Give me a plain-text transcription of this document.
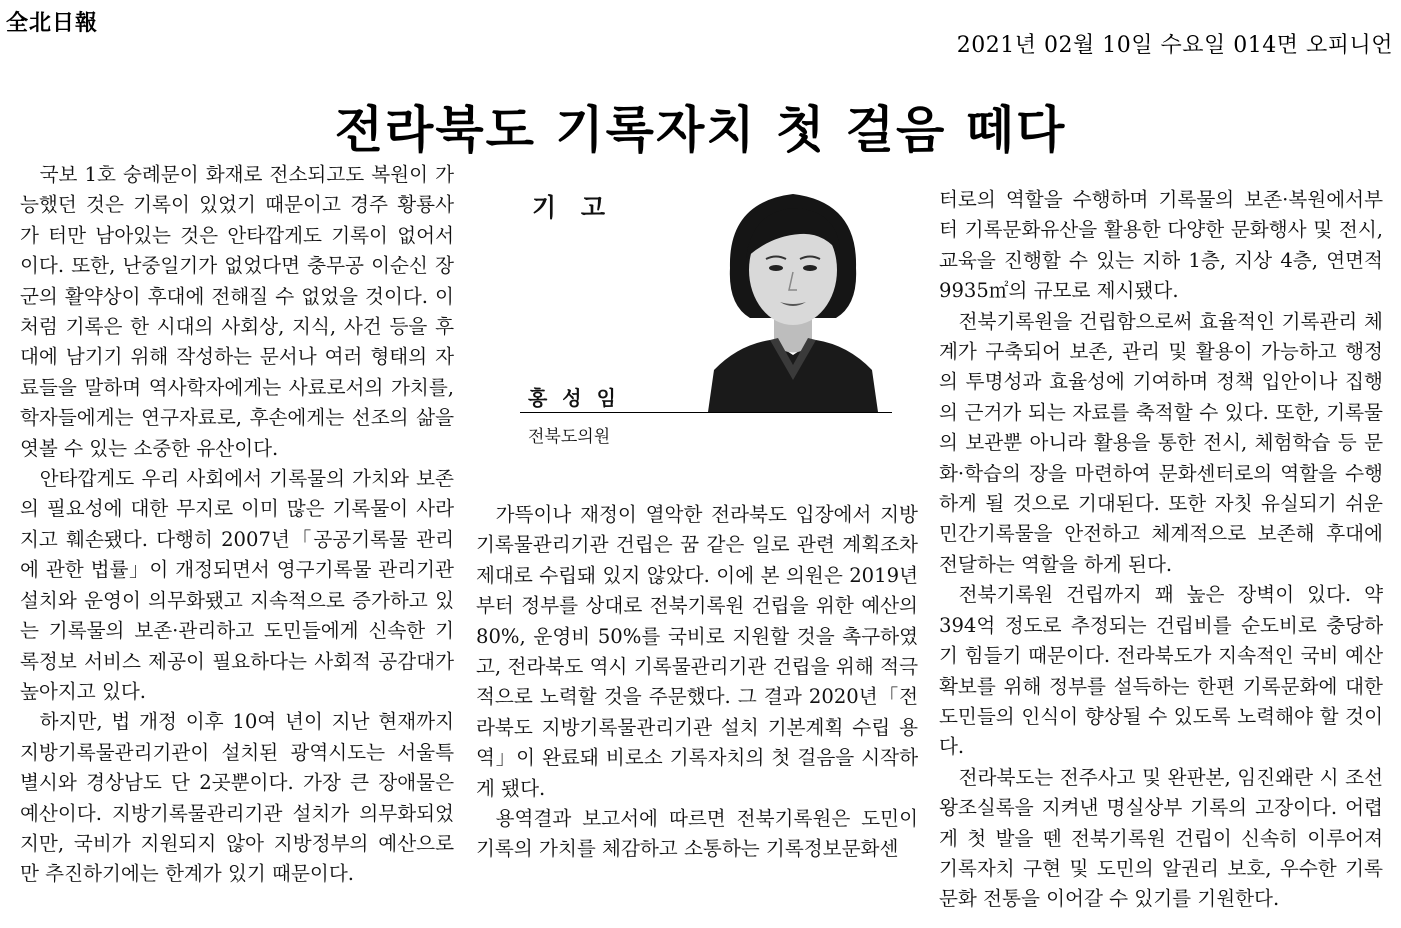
全北日報
2021년 02월 10일 수요일 014면 오피니언
전라북도 기록자치 첫 걸음 떼다

국보 1호 숭례문이 화재로 전소되고도 복원이 가능했던 것은 기록이 있었기 때문이고 경주 황룡사가 터만 남아있는 것은 안타깝게도 기록이 없어서이다. 또한, 난중일기가 없었다면 충무공 이순신 장군의 활약상이 후대에 전해질 수 없었을 것이다. 이처럼 기록은 한 시대의 사회상, 지식, 사건 등을 후대에 남기기 위해 작성하는 문서나 여러 형태의 자료들을 말하며 역사학자에게는 사료로서의 가치를, 학자들에게는 연구자료로, 후손에게는 선조의 삶을 엿볼 수 있는 소중한 유산이다.

안타깝게도 우리 사회에서 기록물의 가치와 보존의 필요성에 대한 무지로 이미 많은 기록물이 사라지고 훼손됐다. 다행히 2007년「공공기록물 관리에 관한 법률」이 개정되면서 영구기록물 관리기관 설치와 운영이 의무화됐고 지속적으로 증가하고 있는 기록물의 보존·관리하고 도민들에게 신속한 기록정보 서비스 제공이 필요하다는 사회적 공감대가 높아지고 있다.

하지만, 법 개정 이후 10여 년이 지난 현재까지 지방기록물관리기관이 설치된 광역시도는 서울특별시와 경상남도 단 2곳뿐이다. 가장 큰 장애물은 예산이다. 지방기록물관리기관 설치가 의무화되었지만, 국비가 지원되지 않아 지방정부의 예산으로만 추진하기에는 한계가 있기 때문이다.

기 고
홍 성 임
전북도의원

가뜩이나 재정이 열악한 전라북도 입장에서 지방기록물관리기관 건립은 꿈 같은 일로 관련 계획조차 제대로 수립돼 있지 않았다. 이에 본 의원은 2019년 부터 정부를 상대로 전북기록원 건립을 위한 예산의 80%, 운영비 50%를 국비로 지원할 것을 촉구하였고, 전라북도 역시 기록물관리기관 건립을 위해 적극적으로 노력할 것을 주문했다. 그 결과 2020년「전라북도 지방기록물관리기관 설치 기본계획 수립 용역」이 완료돼 비로소 기록자치의 첫 걸음을 시작하게 됐다.

용역결과 보고서에 따르면 전북기록원은 도민이 기록의 가치를 체감하고 소통하는 기록정보문화센

터로의 역할을 수행하며 기록물의 보존·복원에서부터 기록문화유산을 활용한 다양한 문화행사 및 전시, 교육을 진행할 수 있는 지하 1층, 지상 4층, 연면적 9935㎡의 규모로 제시됐다.

전북기록원을 건립함으로써 효율적인 기록관리 체계가 구축되어 보존, 관리 및 활용이 가능하고 행정의 투명성과 효율성에 기여하며 정책 입안이나 집행의 근거가 되는 자료를 축적할 수 있다. 또한, 기록물의 보관뿐 아니라 활용을 통한 전시, 체험학습 등 문화·학습의 장을 마련하여 문화센터로의 역할을 수행하게 될 것으로 기대된다. 또한 자칫 유실되기 쉬운 민간기록물을 안전하고 체계적으로 보존해 후대에 전달하는 역할을 하게 된다.

전북기록원 건립까지 꽤 높은 장벽이 있다. 약 394억 정도로 추정되는 건립비를 순도비로 충당하기 힘들기 때문이다. 전라북도가 지속적인 국비 예산확보를 위해 정부를 설득하는 한편 기록문화에 대한 도민들의 인식이 향상될 수 있도록 노력해야 할 것이다.

전라북도는 전주사고 및 완판본, 임진왜란 시 조선왕조실록을 지켜낸 명실상부 기록의 고장이다. 어렵게 첫 발을 뗀 전북기록원 건립이 신속히 이루어져 기록자치 구현 및 도민의 알권리 보호, 우수한 기록문화 전통을 이어갈 수 있기를 기원한다.
